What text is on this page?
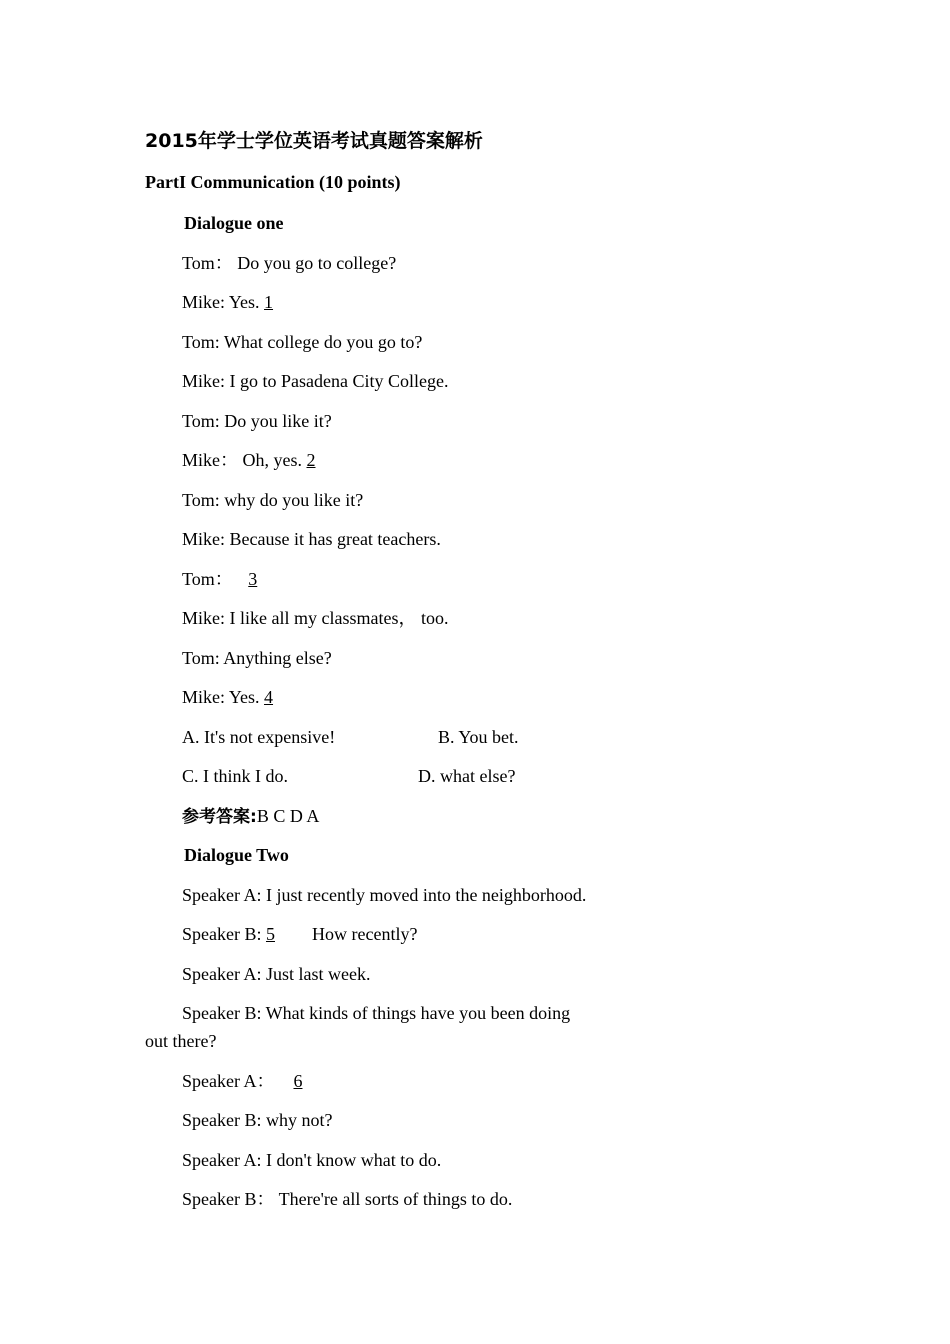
2015年学士学位英语考试真题答案解析
PartI Communication (10 points)
Dialogue one
Tom： Do you go to college?
Mike: Yes. 1
Tom: What college do you go to?
Mike: I go to Pasadena City College.
Tom: Do you like it?
Mike： Oh, yes. 2
Tom: why do you like it?
Mike: Because it has great teachers.
Tom： 3
Mike: I like all my classmates， too.
Tom: Anything else?
Mike: Yes. 4
A. It's not expensive!	B. You bet.
C. I think I do.	D. what else?
参考答案:B C D A
Dialogue Two
Speaker A: I just recently moved into the neighborhood.
Speaker B: 5 How recently?
Speaker A: Just last week.
Speaker B: What kinds of things have you been doing
out there?
Speaker A：   6
Speaker B: why not?
Speaker A: I don't know what to do.
Speaker B： There're all sorts of things to do.
